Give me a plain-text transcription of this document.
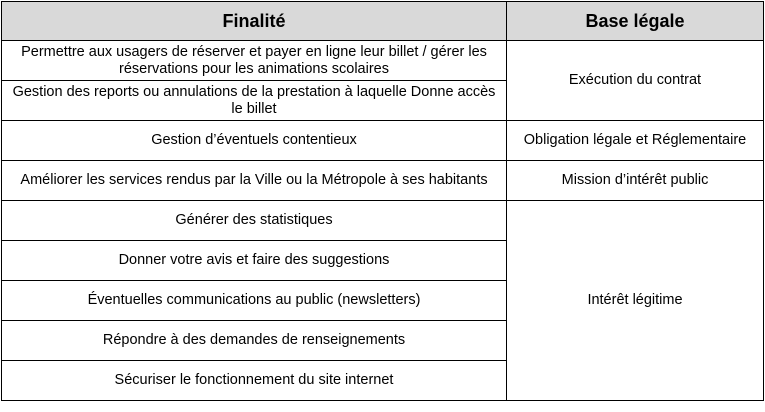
Finalité	Base légale
Permettre aux usagers de réserver et payer en ligne leur billet / gérer les réservations pour les animations scolaires	Exécution du contrat
Gestion des reports ou annulations de la prestation à laquelle Donne accès le billet	
Gestion d’éventuels contentieux	Obligation légale et Réglementaire
Améliorer les services rendus par la Ville ou la Métropole à ses habitants	Mission d’intérêt public
Générer des statistiques	Intérêt légitime
Donner votre avis et faire des suggestions	
Éventuelles communications au public (newsletters)	
Répondre à des demandes de renseignements	
Sécuriser le fonctionnement du site internet	
